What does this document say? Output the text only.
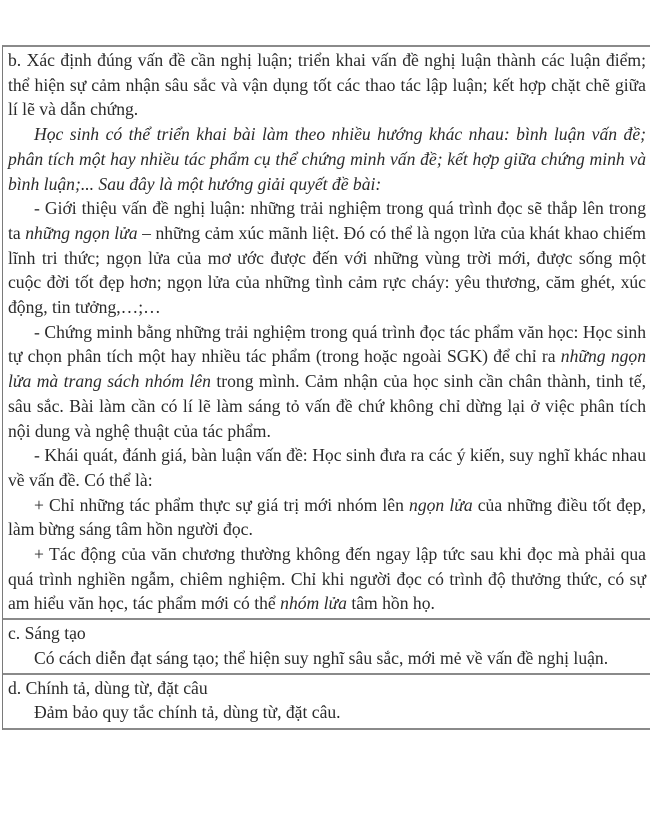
b. Xác định đúng vấn đề cần nghị luận; triển khai vấn đề nghị luận thành các luận điểm; thể hiện sự cảm nhận sâu sắc và vận dụng tốt các thao tác lập luận; kết hợp chặt chẽ giữa lí lẽ và dẫn chứng.

Học sinh có thể triển khai bài làm theo nhiều hướng khác nhau: bình luận vấn đề; phân tích một hay nhiều tác phẩm cụ thể chứng minh vấn đề; kết hợp giữa chứng minh và bình luận;... Sau đây là một hướng giải quyết đề bài:

- Giới thiệu vấn đề nghị luận: những trải nghiệm trong quá trình đọc sẽ thắp lên trong ta những ngọn lửa – những cảm xúc mãnh liệt. Đó có thể là ngọn lửa của khát khao chiếm lĩnh tri thức; ngọn lửa của mơ ước được đến với những vùng trời mới, được sống một cuộc đời tốt đẹp hơn; ngọn lửa của những tình cảm rực cháy: yêu thương, căm ghét, xúc động, tin tưởng,…;…

- Chứng minh bằng những trải nghiệm trong quá trình đọc tác phẩm văn học: Học sinh tự chọn phân tích một hay nhiều tác phẩm (trong hoặc ngoài SGK) để chỉ ra những ngọn lửa mà trang sách nhóm lên trong mình. Cảm nhận của học sinh cần chân thành, tinh tế, sâu sắc. Bài làm cần có lí lẽ làm sáng tỏ vấn đề chứ không chỉ dừng lại ở việc phân tích nội dung và nghệ thuật của tác phẩm.

- Khái quát, đánh giá, bàn luận vấn đề: Học sinh đưa ra các ý kiến, suy nghĩ khác nhau về vấn đề. Có thể là:

+ Chỉ những tác phẩm thực sự giá trị mới nhóm lên ngọn lửa của những điều tốt đẹp, làm bừng sáng tâm hồn người đọc.

+ Tác động của văn chương thường không đến ngay lập tức sau khi đọc mà phải qua quá trình nghiền ngẫm, chiêm nghiệm. Chỉ khi người đọc có trình độ thưởng thức, có sự am hiểu văn học, tác phẩm mới có thể nhóm lửa tâm hồn họ.

c. Sáng tạo

Có cách diễn đạt sáng tạo; thể hiện suy nghĩ sâu sắc, mới mẻ về vấn đề nghị luận.

d. Chính tả, dùng từ, đặt câu

Đảm bảo quy tắc chính tả, dùng từ, đặt câu.
